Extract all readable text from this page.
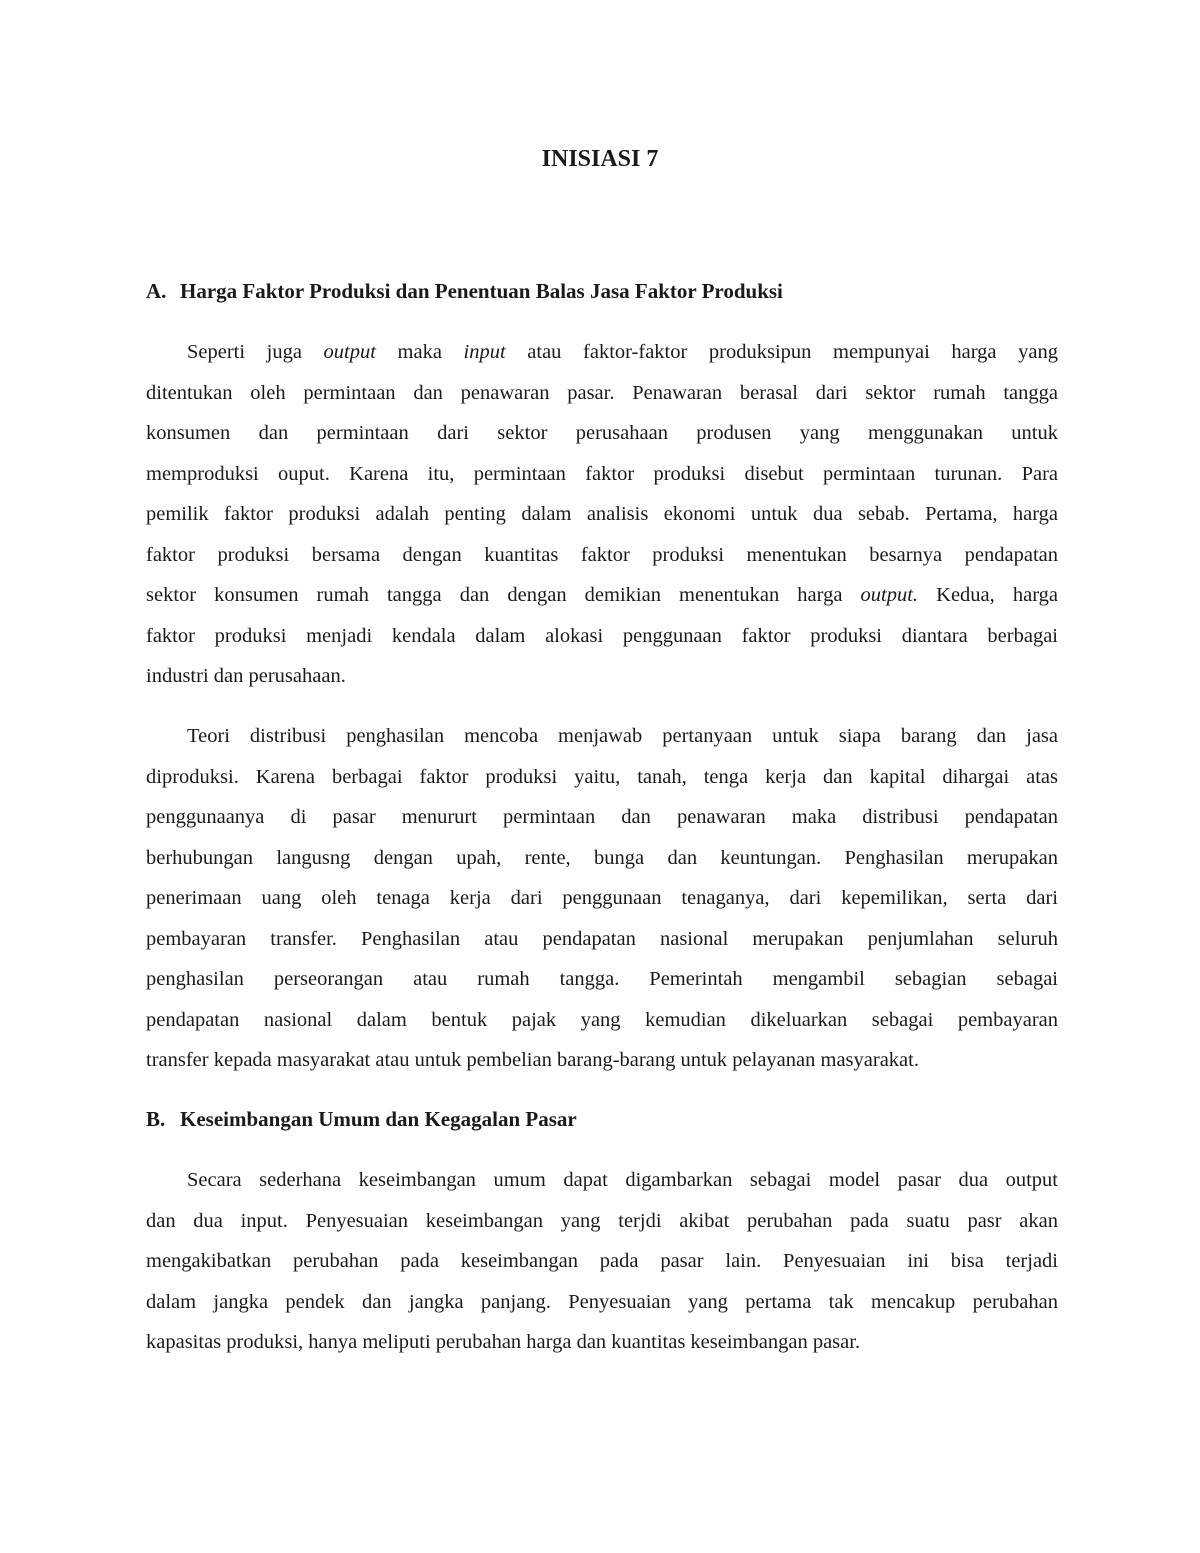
INISIASI 7
A. Harga Faktor Produksi dan Penentuan Balas Jasa Faktor Produksi
Seperti juga output maka input atau faktor-faktor produksipun mempunyai harga yang
ditentukan oleh permintaan dan penawaran pasar. Penawaran berasal dari sektor rumah tangga
konsumen dan permintaan dari sektor perusahaan produsen yang menggunakan untuk
memproduksi ouput. Karena itu, permintaan faktor produksi disebut permintaan turunan. Para
pemilik faktor produksi adalah penting dalam analisis ekonomi untuk dua sebab. Pertama, harga
faktor produksi bersama dengan kuantitas faktor produksi menentukan besarnya pendapatan
sektor konsumen rumah tangga dan dengan demikian menentukan harga output. Kedua, harga
faktor produksi menjadi kendala dalam alokasi penggunaan faktor produksi diantara berbagai
industri dan perusahaan.
Teori distribusi penghasilan mencoba menjawab pertanyaan untuk siapa barang dan jasa
diproduksi. Karena berbagai faktor produksi yaitu, tanah, tenga kerja dan kapital dihargai atas
penggunaanya di pasar menururt permintaan dan penawaran maka distribusi pendapatan
berhubungan langusng dengan upah, rente, bunga dan keuntungan. Penghasilan merupakan
penerimaan uang oleh tenaga kerja dari penggunaan tenaganya, dari kepemilikan, serta dari
pembayaran transfer. Penghasilan atau pendapatan nasional merupakan penjumlahan seluruh
penghasilan perseorangan atau rumah tangga. Pemerintah mengambil sebagian sebagai
pendapatan nasional dalam bentuk pajak yang kemudian dikeluarkan sebagai pembayaran
transfer kepada masyarakat atau untuk pembelian barang-barang untuk pelayanan masyarakat.
B. Keseimbangan Umum dan Kegagalan Pasar
Secara sederhana keseimbangan umum dapat digambarkan sebagai model pasar dua output
dan dua input. Penyesuaian keseimbangan yang terjdi akibat perubahan pada suatu pasr akan
mengakibatkan perubahan pada keseimbangan pada pasar lain. Penyesuaian ini bisa terjadi
dalam jangka pendek dan jangka panjang. Penyesuaian yang pertama tak mencakup perubahan
kapasitas produksi, hanya meliputi perubahan harga dan kuantitas keseimbangan pasar.
